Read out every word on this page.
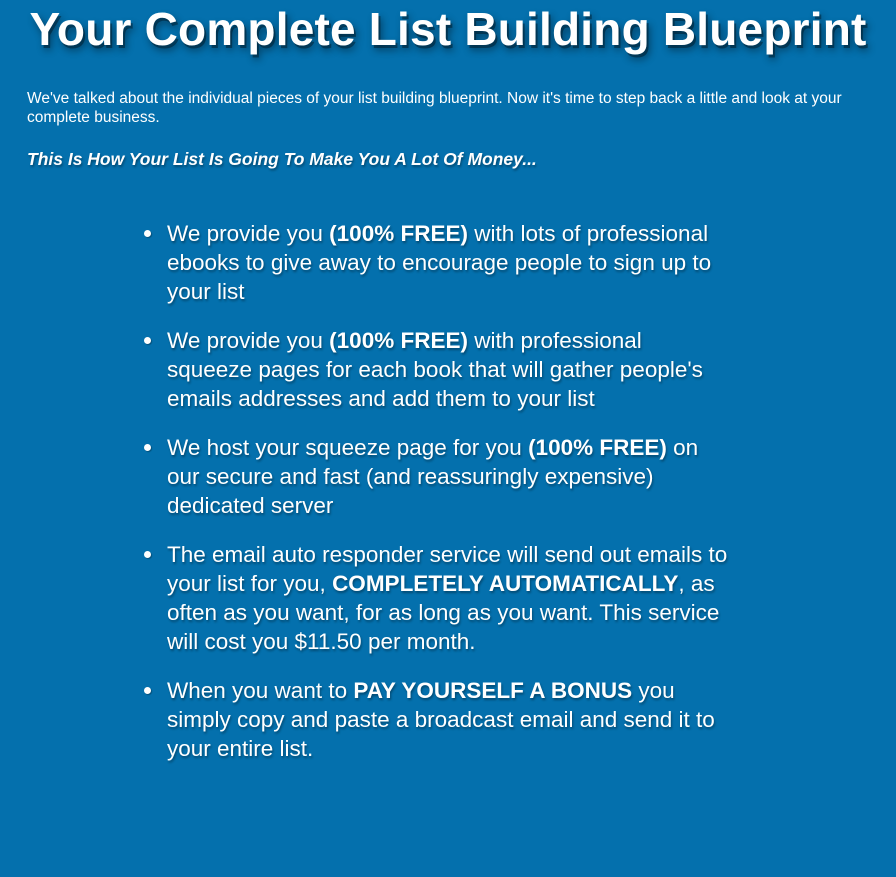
Your Complete List Building Blueprint

We've talked about the individual pieces of your list building blueprint. Now it's time to step back a little and look at your complete business.

This Is How Your List Is Going To Make You A Lot Of Money...

We provide you (100% FREE) with lots of professional ebooks to give away to encourage people to sign up to your list
We provide you (100% FREE) with professional squeeze pages for each book that will gather people's emails addresses and add them to your list
We host your squeeze page for you (100% FREE) on our secure and fast (and reassuringly expensive) dedicated server
The email auto responder service will send out emails to your list for you, COMPLETELY AUTOMATICALLY, as often as you want, for as long as you want. This service will cost you $11.50 per month.
When you want to PAY YOURSELF A BONUS you simply copy and paste a broadcast email and send it to your entire list.
